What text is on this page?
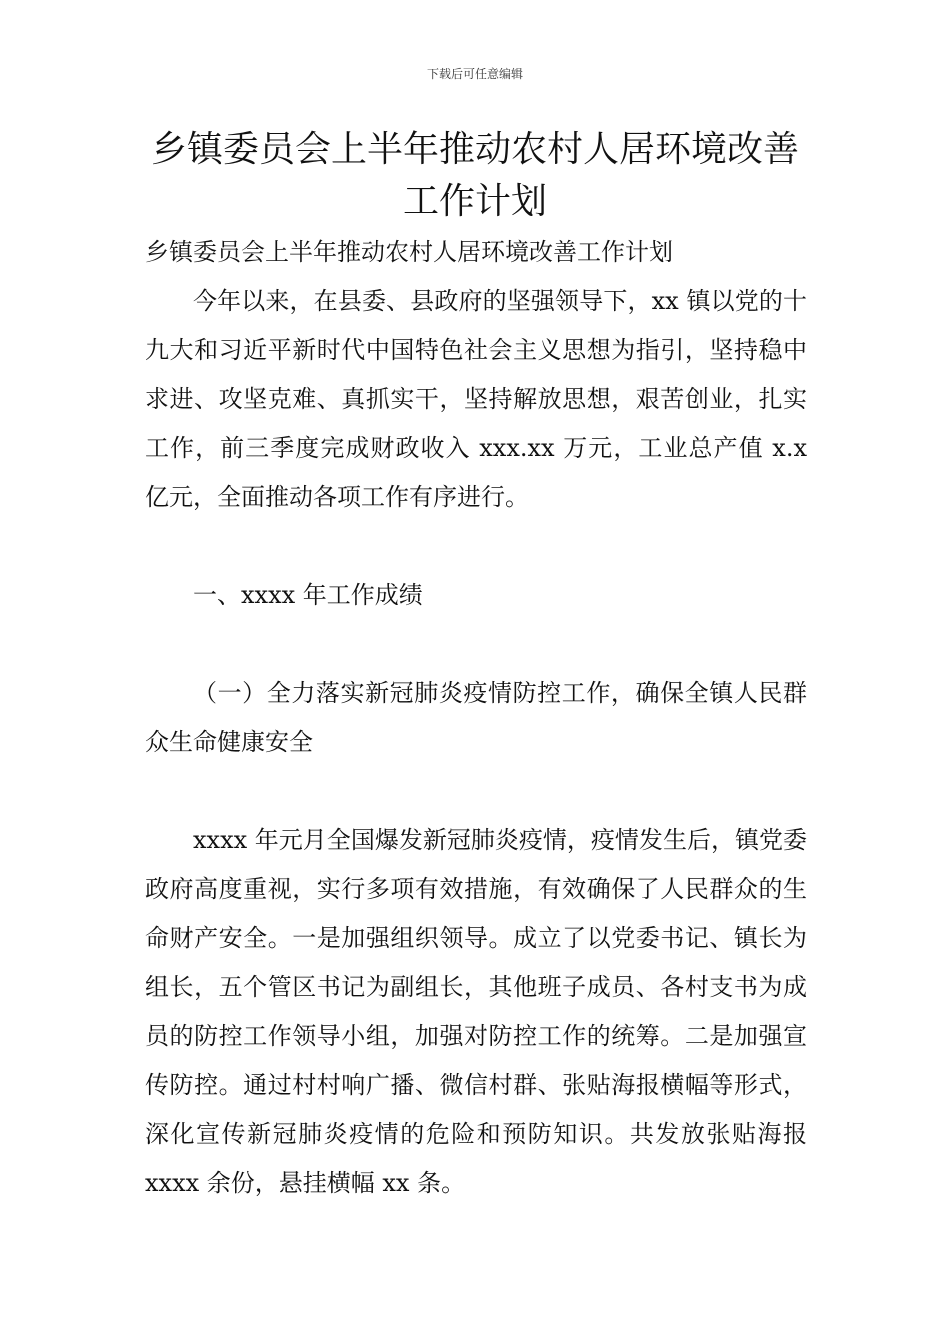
下载后可任意编辑
乡镇委员会上半年推动农村人居环境改善工作计划

乡镇委员会上半年推动农村人居环境改善工作计划

今年以来，在县委、县政府的坚强领导下，xx 镇以党的十九大和习近平新时代中国特色社会主义思想为指引，坚持稳中求进、攻坚克难、真抓实干，坚持解放思想，艰苦创业，扎实工作，前三季度完成财政收入 xxx.xx 万元，工业总产值 x.x 亿元，全面推动各项工作有序进行。

一、xxxx 年工作成绩

（一）全力落实新冠肺炎疫情防控工作，确保全镇人民群众生命健康安全

xxxx 年元月全国爆发新冠肺炎疫情，疫情发生后，镇党委政府高度重视，实行多项有效措施，有效确保了人民群众的生命财产安全。一是加强组织领导。成立了以党委书记、镇长为组长，五个管区书记为副组长，其他班子成员、各村支书为成员的防控工作领导小组，加强对防控工作的统筹。二是加强宣传防控。通过村村响广播、微信村群、张贴海报横幅等形式，深化宣传新冠肺炎疫情的危险和预防知识。共发放张贴海报 xxxx 余份，悬挂横幅 xx 条。
